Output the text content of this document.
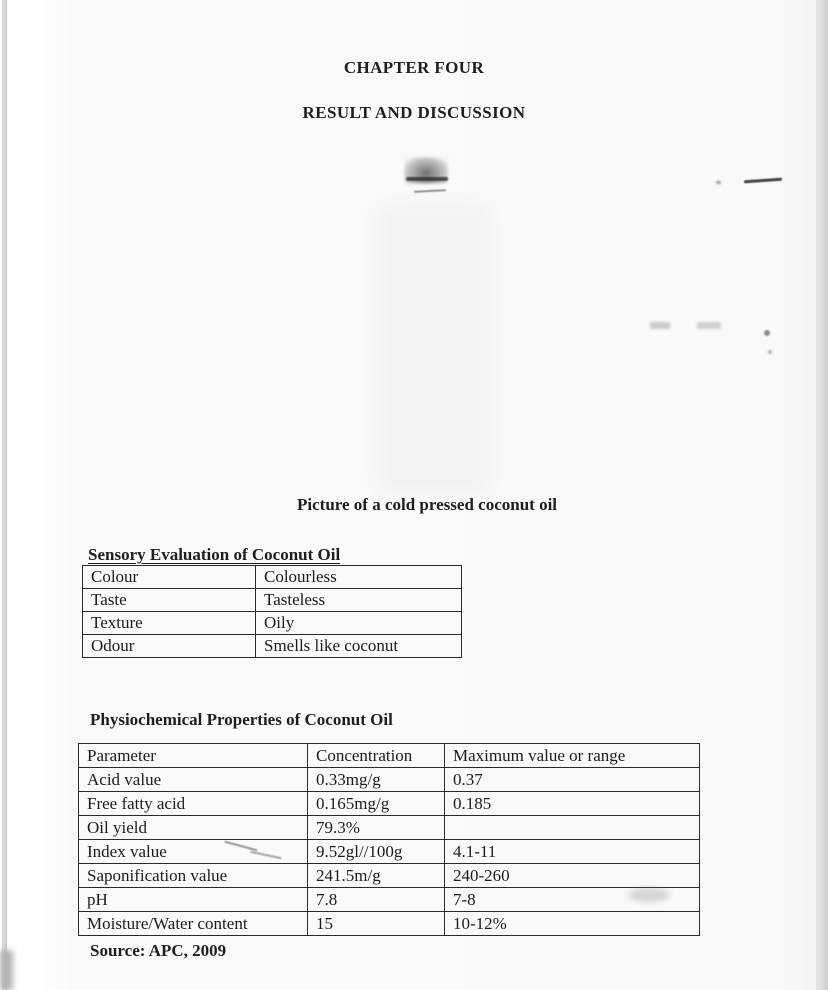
CHAPTER FOUR
RESULT AND DISCUSSION
Picture of a cold pressed coconut oil
Sensory Evaluation of Coconut Oil
Colour	Colourless
Taste	Tasteless
Texture	Oily
Odour	Smells like coconut
Physiochemical Properties of Coconut Oil
Parameter	Concentration	Maximum value or range
Acid value	0.33mg/g	0.37
Free fatty acid	0.165mg/g	0.185
Oil yield	79.3%	
Index value	9.52gl//100g	4.1-11
Saponification value	241.5m/g	240-260
pH	7.8	7-8
Moisture/Water content	15	10-12%
Source: APC, 2009
